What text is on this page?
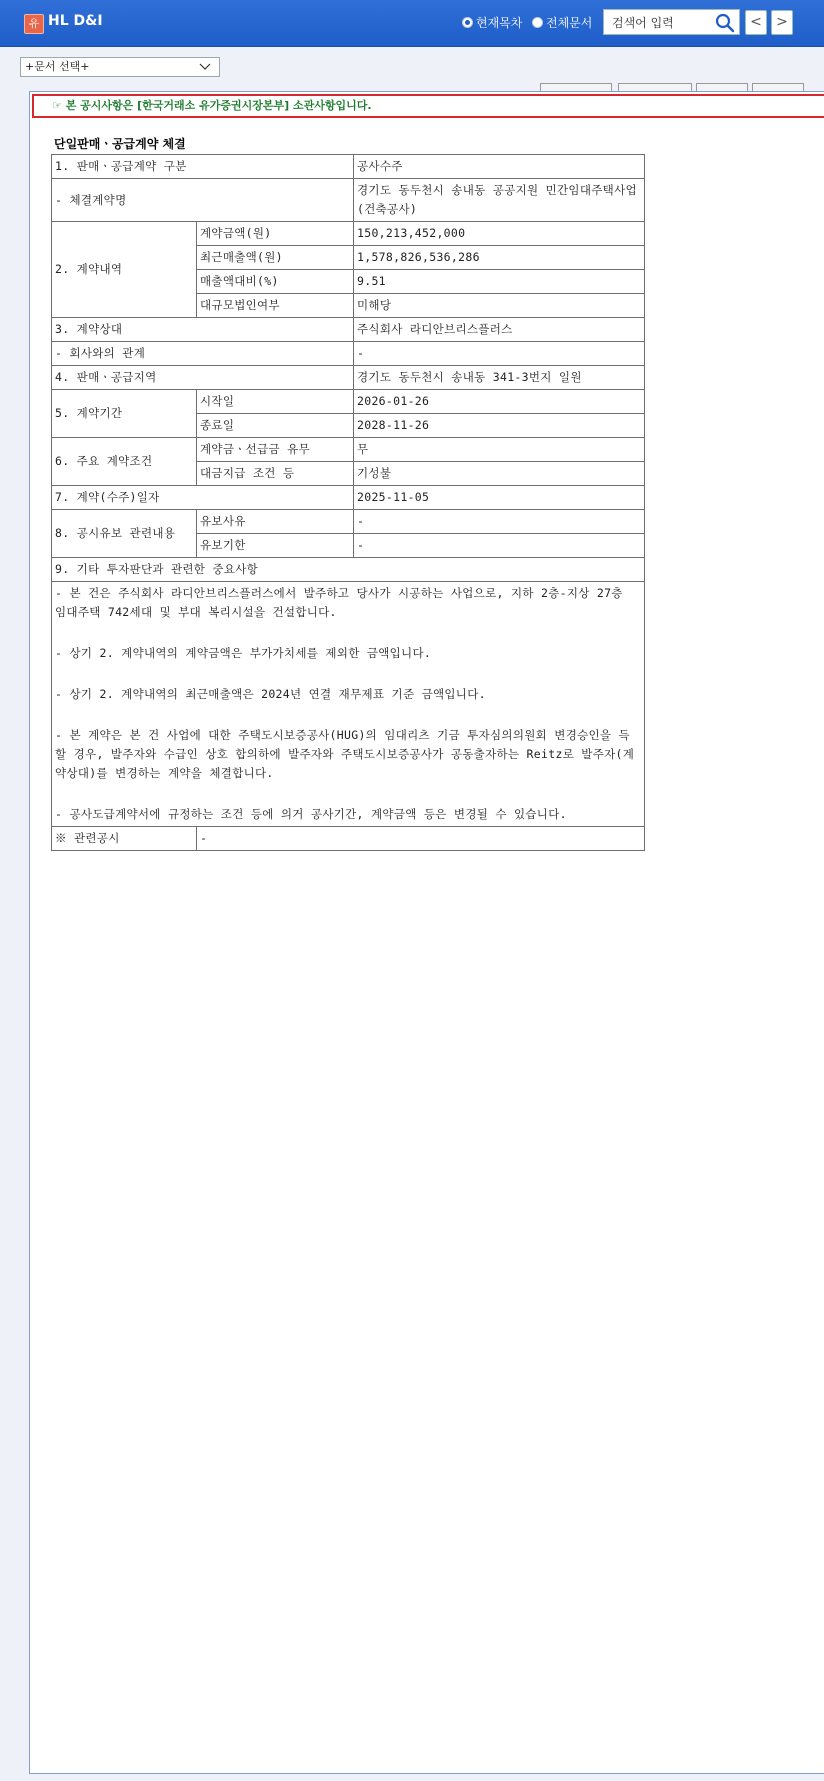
유 HL D&I	현재목차 전체문서
검색어 입력	<	>
+문서 선택+
☞ 본 공시사항은 [한국거래소 유가증권시장본부] 소관사항입니다.
단일판매ㆍ공급계약 체결
1. 판매ㆍ공급계약 구분		공사수주
- 체결계약명		경기도 동두천시 송내동 공공지원 민간임대주택사업(건축공사)
2. 계약내역	계약금액(원)	150,213,452,000
	최근매출액(원)	1,578,826,536,286
	매출액대비(%)	9.51
	대규모법인여부	미해당
3. 계약상대		주식회사 라디안브리스플러스
- 회사와의 관계		-
4. 판매ㆍ공급지역		경기도 동두천시 송내동 341-3번지 일원
5. 계약기간	시작일	2026-01-26
	종료일	2028-11-26
6. 주요 계약조건	계약금ㆍ선급금 유무	무
	대금지급 조건 등	기성불
7. 계약(수주)일자		2025-11-05
8. 공시유보 관련내용	유보사유	-
	유보기한	-
9. 기타 투자판단과 관련한 중요사항		

- 본 건은 주식회사 라디안브리스플러스에서 발주하고 당사가 시공하는 사업으로, 지하 2층-지상 27층 임대주택 742세대 및 부대 복리시설을 건설합니다.
- 상기 2. 계약내역의 계약금액은 부가가치세를 제외한 금액입니다.
- 상기 2. 계약내역의 최근매출액은 2024년 연결 재무제표 기준 금액입니다.
- 본 계약은 본 건 사업에 대한 주택도시보증공사(HUG)의 임대리츠 기금 투자심의의원회 변경승인을 득할 경우, 발주자와 수급인 상호 합의하에 발주자와 주택도시보증공사가 공동출자하는 Reitz로 발주자(계약상대)를 변경하는 계약을 체결합니다.
- 공사도급계약서에 규정하는 조건 등에 의거 공사기간, 계약금액 등은 변경될 수 있습니다.		

※ 관련공시	-	
